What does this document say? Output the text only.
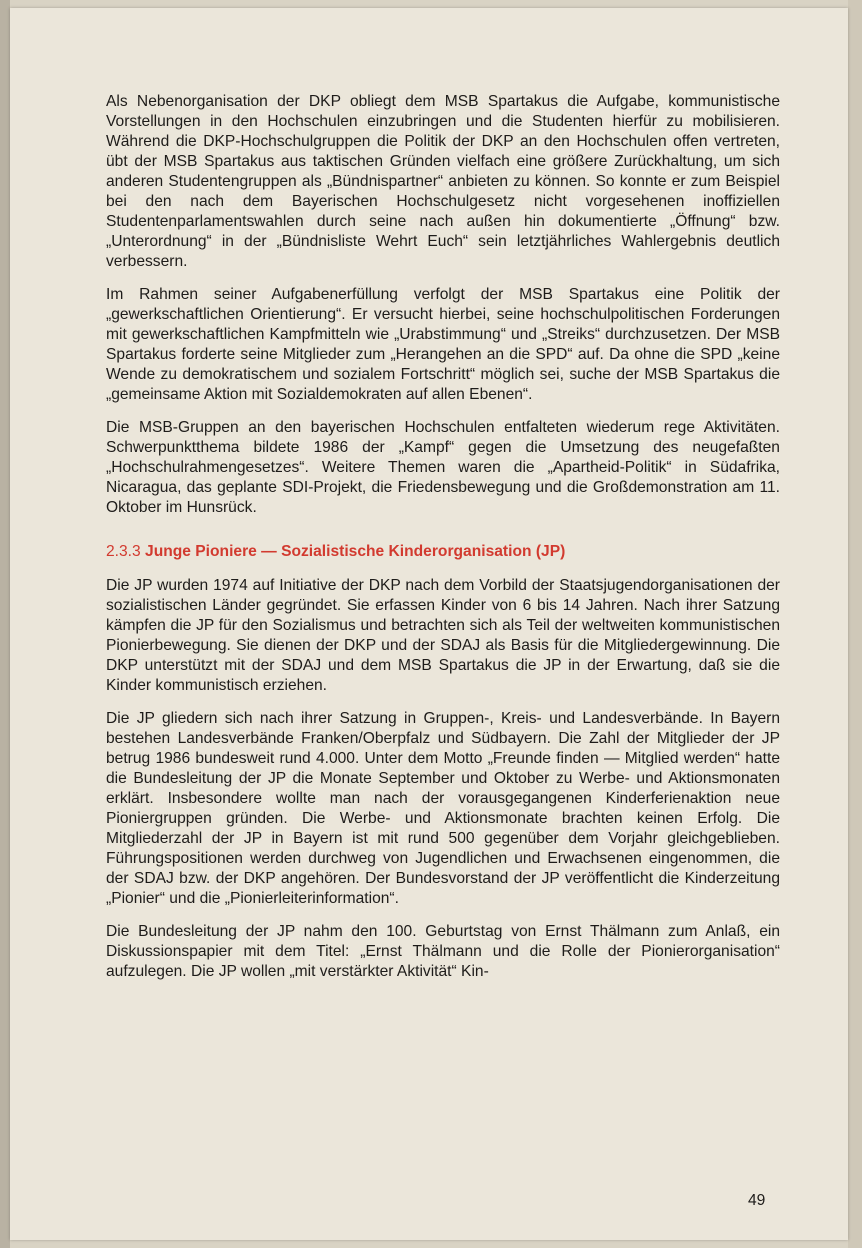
Als Nebenorganisation der DKP obliegt dem MSB Spartakus die Aufgabe, kommunistische Vorstellungen in den Hochschulen einzubringen und die Studenten hierfür zu mobilisieren. Während die DKP-Hochschulgruppen die Politik der DKP an den Hochschulen offen vertreten, übt der MSB Spartakus aus taktischen Gründen vielfach eine größere Zurückhaltung, um sich anderen Studentengruppen als „Bündnispartner“ anbieten zu können. So konnte er zum Beispiel bei den nach dem Bayerischen Hochschulgesetz nicht vorgesehenen inoffiziellen Studentenparlamentswahlen durch seine nach außen hin dokumentierte „Öffnung“ bzw. „Unterordnung“ in der „Bündnisliste Wehrt Euch“ sein letztjährliches Wahlergebnis deutlich verbessern.

Im Rahmen seiner Aufgabenerfüllung verfolgt der MSB Spartakus eine Politik der „gewerkschaftlichen Orientierung“. Er versucht hierbei, seine hochschulpolitischen Forderungen mit gewerkschaftlichen Kampfmitteln wie „Urabstimmung“ und „Streiks“ durchzusetzen. Der MSB Spartakus forderte seine Mitglieder zum „Herangehen an die SPD“ auf. Da ohne die SPD „keine Wende zu demokratischem und sozialem Fortschritt“ möglich sei, suche der MSB Spartakus die „gemeinsame Aktion mit Sozialdemokraten auf allen Ebenen“.

Die MSB-Gruppen an den bayerischen Hochschulen entfalteten wiederum rege Aktivitäten. Schwerpunktthema bildete 1986 der „Kampf“ gegen die Umsetzung des neugefaßten „Hochschulrahmengesetzes“. Weitere Themen waren die „Apartheid-Politik“ in Südafrika, Nicaragua, das geplante SDI-Projekt, die Friedensbewegung und die Großdemonstration am 11. Oktober im Hunsrück.

2.3.3 Junge Pioniere — Sozialistische Kinderorganisation (JP)

Die JP wurden 1974 auf Initiative der DKP nach dem Vorbild der Staatsjugendorganisationen der sozialistischen Länder gegründet. Sie erfassen Kinder von 6 bis 14 Jahren. Nach ihrer Satzung kämpfen die JP für den Sozialismus und betrachten sich als Teil der weltweiten kommunistischen Pionierbewegung. Sie dienen der DKP und der SDAJ als Basis für die Mitgliedergewinnung. Die DKP unterstützt mit der SDAJ und dem MSB Spartakus die JP in der Erwartung, daß sie die Kinder kommunistisch erziehen.

Die JP gliedern sich nach ihrer Satzung in Gruppen-, Kreis- und Landesverbände. In Bayern bestehen Landesverbände Franken/Oberpfalz und Südbayern. Die Zahl der Mitglieder der JP betrug 1986 bundesweit rund 4.000. Unter dem Motto „Freunde finden — Mitglied werden“ hatte die Bundesleitung der JP die Monate September und Oktober zu Werbe- und Aktionsmonaten erklärt. Insbesondere wollte man nach der vorausgegangenen Kinderferienaktion neue Pioniergruppen gründen. Die Werbe- und Aktionsmonate brachten keinen Erfolg. Die Mitgliederzahl der JP in Bayern ist mit rund 500 gegenüber dem Vorjahr gleichgeblieben. Führungspositionen werden durchweg von Jugendlichen und Erwachsenen eingenommen, die der SDAJ bzw. der DKP angehören. Der Bundesvorstand der JP veröffentlicht die Kinderzeitung „Pionier“ und die „Pionierleiterinformation“.

Die Bundesleitung der JP nahm den 100. Geburtstag von Ernst Thälmann zum Anlaß, ein Diskussionspapier mit dem Titel: „Ernst Thälmann und die Rolle der Pionierorganisation“ aufzulegen. Die JP wollen „mit verstärkter Aktivität“ Kin-

49
